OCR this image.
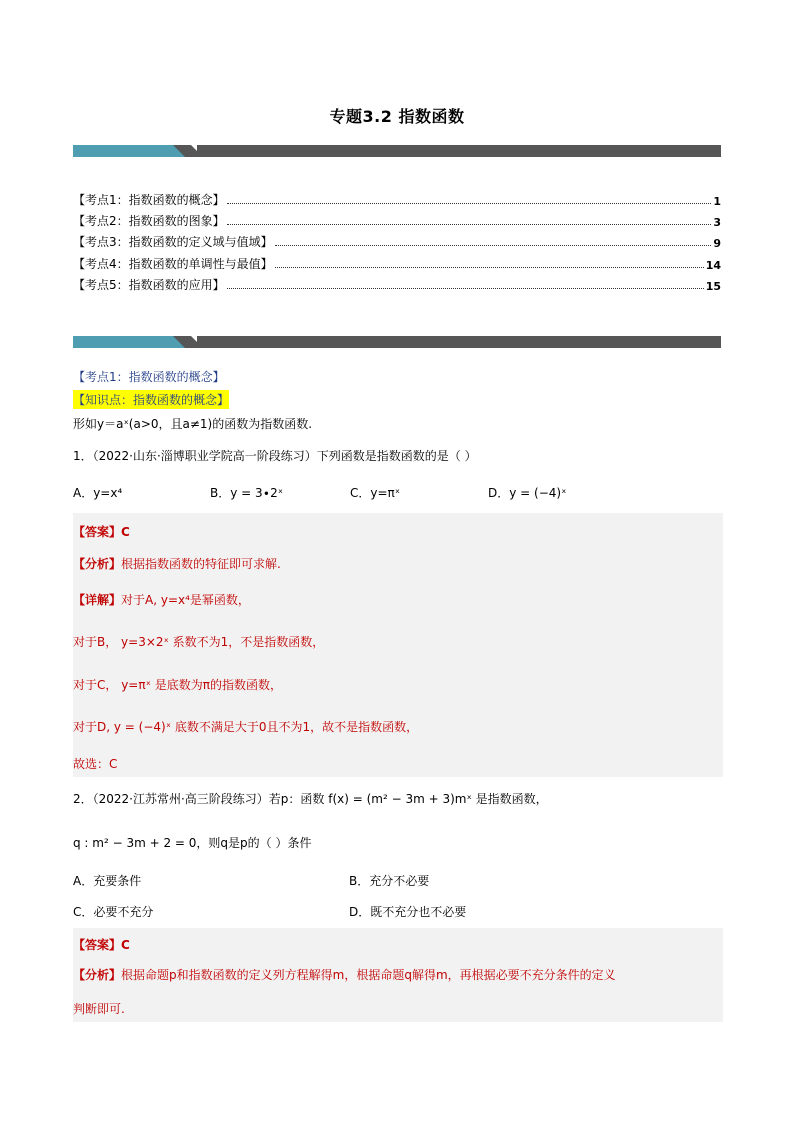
专题3.2 指数函数
【考点1：指数函数的概念】	1
【考点2：指数函数的图象】	3
【考点3：指数函数的定义域与值域】	9
【考点4：指数函数的单调性与最值】	14
【考点5：指数函数的应用】	15
【考点1：指数函数的概念】
【知识点：指数函数的概念】
形如y＝aˣ(a>0，且a≠1)的函数为指数函数.
1．（2022·山东·淄博职业学院高一阶段练习）下列函数是指数函数的是（ ）
A．y=x⁴	B．y = 3∙2ˣ	C．y=πˣ	D．y = (−4)ˣ
【答案】C
【分析】根据指数函数的特征即可求解.
【详解】对于A, y=x⁴是幂函数，
对于B， y=3×2ˣ 系数不为1，不是指数函数，
对于C， y=πˣ 是底数为π的指数函数，
对于D, y = (−4)ˣ 底数不满足大于0且不为1，故不是指数函数，
故选：C
2．（2022·江苏常州·高三阶段练习）若p：函数 f(x) = (m² − 3m + 3)mˣ 是指数函数，
q : m² − 3m + 2 = 0，则q是p的（ ）条件
A．充要条件	B．充分不必要
C．必要不充分	D．既不充分也不必要
【答案】C
【分析】根据命题p和指数函数的定义列方程解得m，根据命题q解得m，再根据必要不充分条件的定义
判断即可.
